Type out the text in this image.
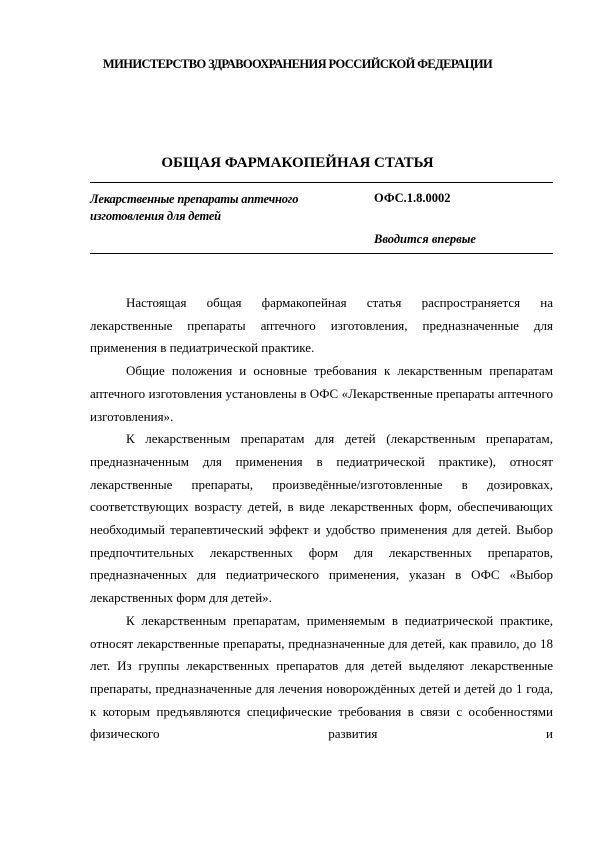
МИНИСТЕРСТВО ЗДРАВООХРАНЕНИЯ РОССИЙСКОЙ ФЕДЕРАЦИИ
ОБЩАЯ ФАРМАКОПЕЙНАЯ СТАТЬЯ
Лекарственные препараты аптечного
изготовления для детей
ОФС.1.8.0002
Вводится впервые

Настоящая общая фармакопейная статья распространяется на лекарственные препараты аптечного изготовления, предназначенные для применения в педиатрической практике.

Общие положения и основные требования к лекарственным препаратам аптечного изготовления установлены в ОФС «Лекарственные препараты аптечного изготовления».

К лекарственным препаратам для детей (лекарственным препаратам, предназначенным для применения в педиатрической практике), относят лекарственные препараты, произведённые/изготовленные в дозировках, соответствующих возрасту детей, в виде лекарственных форм, обеспечивающих необходимый терапевтический эффект и удобство применения для детей. Выбор предпочтительных лекарственных форм для лекарственных препаратов, предназначенных для педиатрического применения, указан в ОФС «Выбор лекарственных форм для детей».

К лекарственным препаратам, применяемым в педиатрической практике, относят лекарственные препараты, предназначенные для детей, как правило, до 18 лет. Из группы лекарственных препаратов для детей выделяют лекарственные препараты, предназначенные для лечения новорождённых детей и детей до 1 года, к которым предъявляются специфические требования в связи с особенностями физического развития и
